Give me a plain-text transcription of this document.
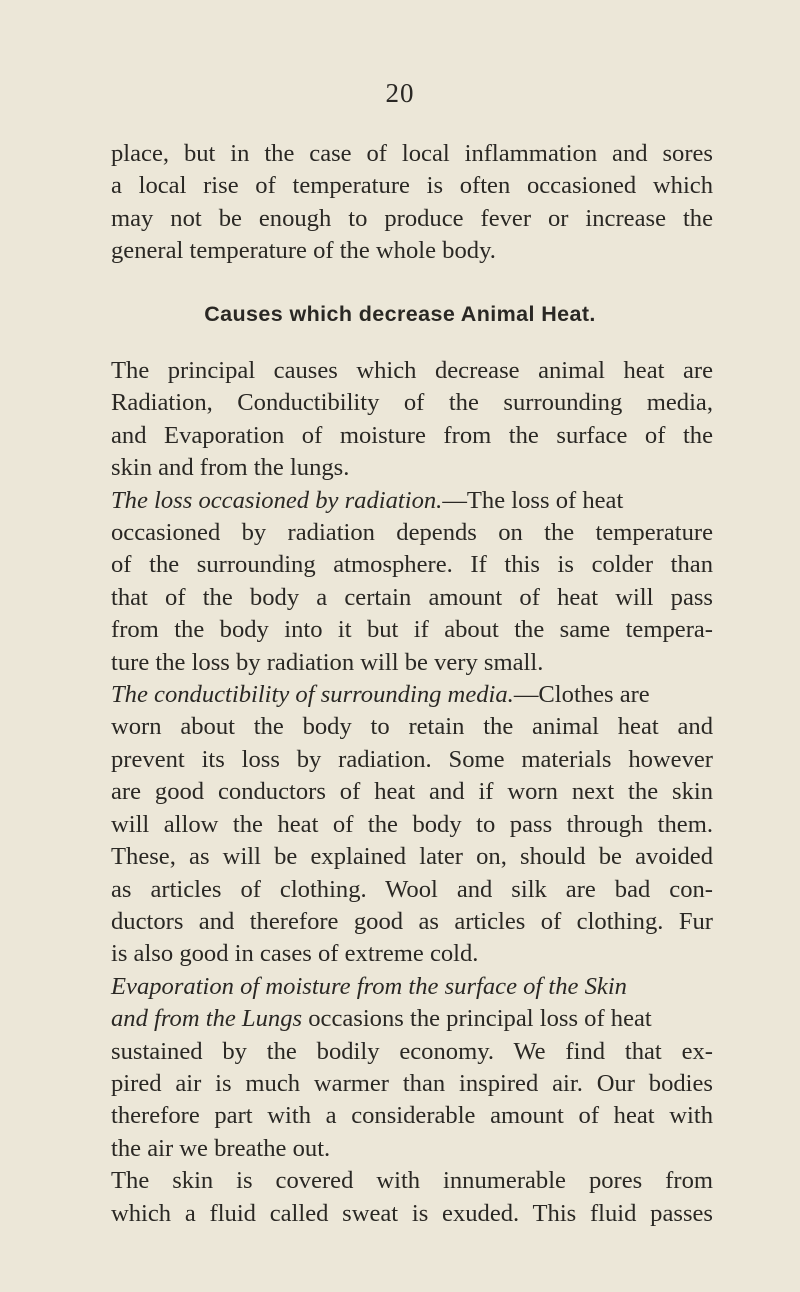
20
place, but in the case of local inflammation and sores
a local rise of temperature is often occasioned which
may not be enough to produce fever or increase the
general temperature of the whole body.
Causes which decrease Animal Heat.
The principal causes which decrease animal heat are
Radiation, Conductibility of the surrounding media,
and Evaporation of moisture from the surface of the
skin and from the lungs.
The loss occasioned by radiation.—The loss of heat
occasioned by radiation depends on the temperature
of the surrounding atmosphere. If this is colder than
that of the body a certain amount of heat will pass
from the body into it but if about the same tempera-
ture the loss by radiation will be very small.
The conductibility of surrounding media.—Clothes are
worn about the body to retain the animal heat and
prevent its loss by radiation. Some materials however
are good conductors of heat and if worn next the skin
will allow the heat of the body to pass through them.
These, as will be explained later on, should be avoided
as articles of clothing. Wool and silk are bad con-
ductors and therefore good as articles of clothing. Fur
is also good in cases of extreme cold.
Evaporation of moisture from the surface of the Skin
and from the Lungs occasions the principal loss of heat
sustained by the bodily economy. We find that ex-
pired air is much warmer than inspired air. Our bodies
therefore part with a considerable amount of heat with
the air we breathe out.
The skin is covered with innumerable pores from
which a fluid called sweat is exuded. This fluid passes
